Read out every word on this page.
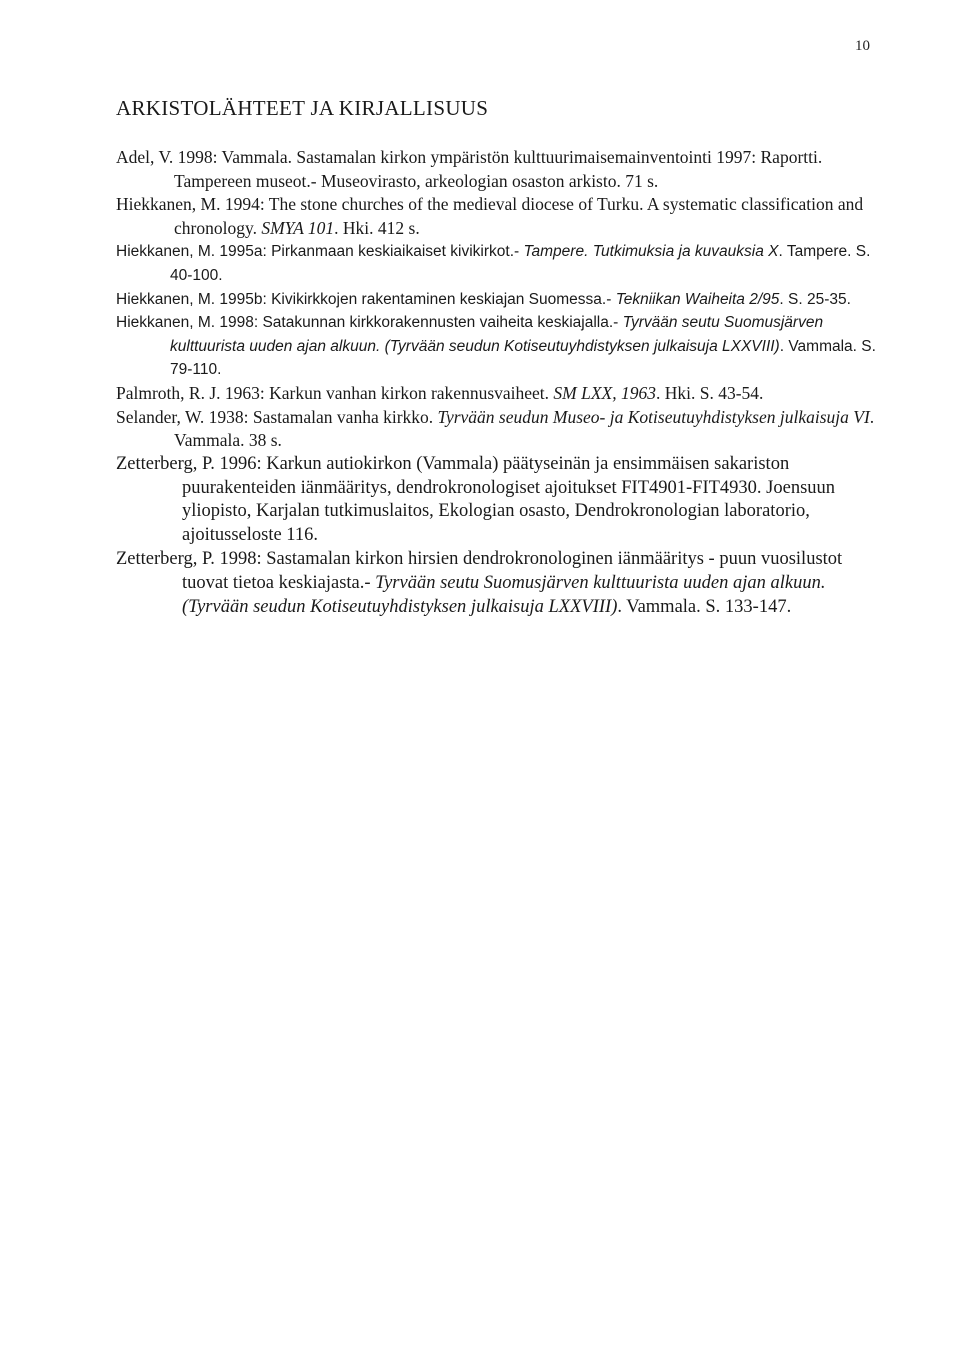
10
ARKISTOLÄHTEET JA KIRJALLISUUS
Adel, V. 1998: Vammala. Sastamalan kirkon ympäristön kulttuurimaisemainventointi 1997: Raportti. Tampereen museot.- Museovirasto, arkeologian osaston arkisto. 71 s.
Hiekkanen, M. 1994: The stone churches of the medieval diocese of Turku. A systematic classification and chronology. SMYA 101. Hki. 412 s.
Hiekkanen, M. 1995a: Pirkanmaan keskiaikaiset kivikirkot.- Tampere. Tutkimuksia ja kuvauksia X. Tampere. S. 40-100.
Hiekkanen, M. 1995b: Kivikirkkojen rakentaminen keskiajan Suomessa.- Tekniikan Waiheita 2/95. S. 25-35.
Hiekkanen, M. 1998: Satakunnan kirkkorakennusten vaiheita keskiajalla.- Tyrvään seutu Suomusjärven kulttuurista uuden ajan alkuun. (Tyrvään seudun Kotiseutuyhdistyksen julkaisuja LXXVIII). Vammala. S. 79-110.
Palmroth, R. J. 1963: Karkun vanhan kirkon rakennusvaiheet. SM LXX, 1963. Hki. S. 43-54.
Selander, W. 1938: Sastamalan vanha kirkko. Tyrvään seudun Museo- ja Kotiseutuyhdistyksen julkaisuja VI. Vammala. 38 s.
Zetterberg, P. 1996: Karkun autiokirkon (Vammala) päätyseinän ja ensimmäisen sakariston puurakenteiden iänmääritys, dendrokronologiset ajoitukset FIT4901-FIT4930. Joensuun yliopisto, Karjalan tutkimuslaitos, Ekologian osasto, Dendrokronologian laboratorio, ajoitusseloste 116.
Zetterberg, P. 1998: Sastamalan kirkon hirsien dendrokronologinen iänmääritys - puun vuosilustot tuovat tietoa keskiajasta.- Tyrvään seutu Suomusjärven kulttuurista uuden ajan alkuun. (Tyrvään seudun Kotiseutuyhdistyksen julkaisuja LXXVIII). Vammala. S. 133-147.
